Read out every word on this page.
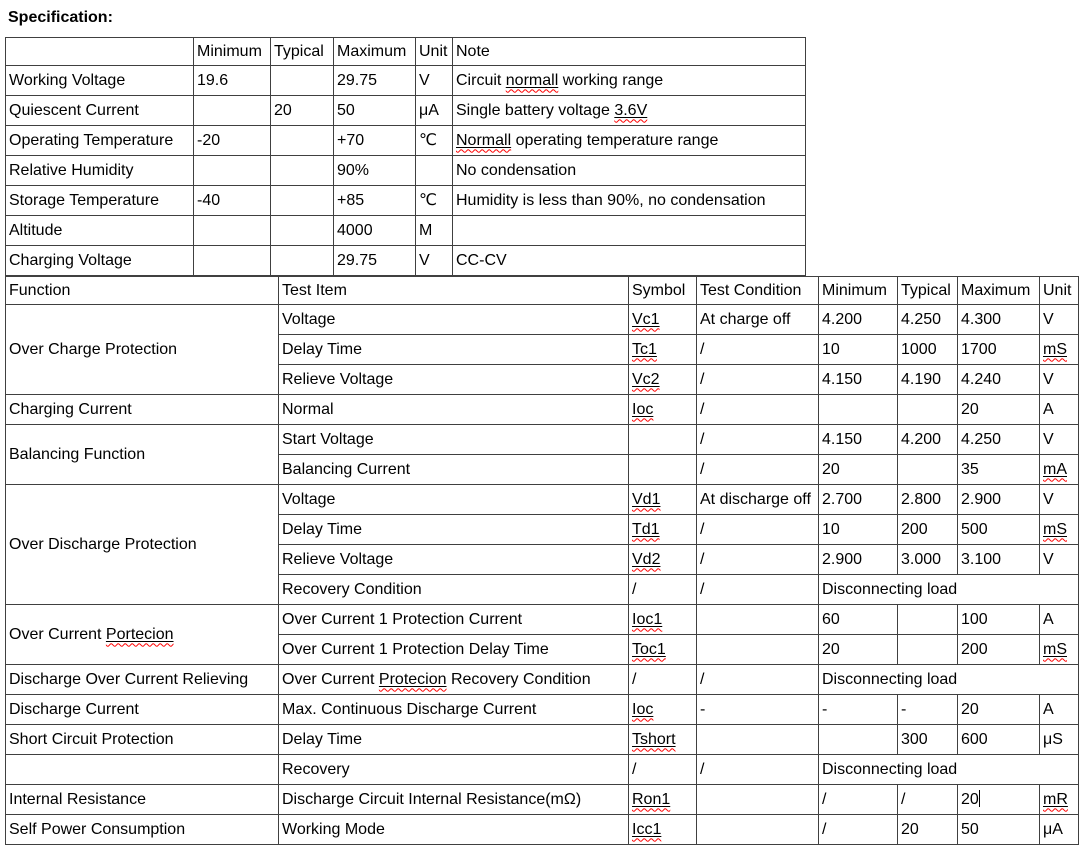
Specification:
	Minimum	Typical	Maximum	Unit	Note
Working Voltage	19.6		29.75	V	Circuit normall working range
Quiescent Current		20	50	μA	Single battery voltage 3.6V
Operating Temperature	-20		+70	℃	Normall operating temperature range
Relative Humidity			90%		No condensation
Storage Temperature	-40		+85	℃	Humidity is less than 90%, no condensation
Altitude			4000	M	
Charging Voltage			29.75	V	CC-CV
Function	Test Item	Symbol	Test Condition	Minimum	Typical	Maximum	Unit
Over Charge Protection	Voltage	Vc1	At charge off	4.200	4.250	4.300	V
	Delay Time	Tc1	/	10	1000	1700	mS
	Relieve Voltage	Vc2	/	4.150	4.190	4.240	V
Charging Current	Normal	Ioc	/			20	A
Balancing Function	Start Voltage		/	4.150	4.200	4.250	V
	Balancing Current		/	20		35	mA
Over Discharge Protection	Voltage	Vd1	At discharge off	2.700	2.800	2.900	V
	Delay Time	Td1	/	10	200	500	mS
	Relieve Voltage	Vd2	/	2.900	3.000	3.100	V
	Recovery Condition	/	/	Disconnecting load			
Over Current Portecion	Over Current 1 Protection Current	Ioc1		60		100	A
	Over Current 1 Protection Delay Time	Toc1		20		200	mS
Discharge Over Current Relieving	Over Current Protecion Recovery Condition	/	/	Disconnecting load			
Discharge Current	Max. Continuous Discharge Current	Ioc	-	-	-	20	A
Short Circuit Protection	Delay Time	Tshort			300	600	μS
	Recovery	/	/	Disconnecting load			
Internal Resistance	Discharge Circuit Internal Resistance(mΩ)	Ron1		/	/	20	mR
Self Power Consumption	Working Mode	Icc1		/	20	50	μA
